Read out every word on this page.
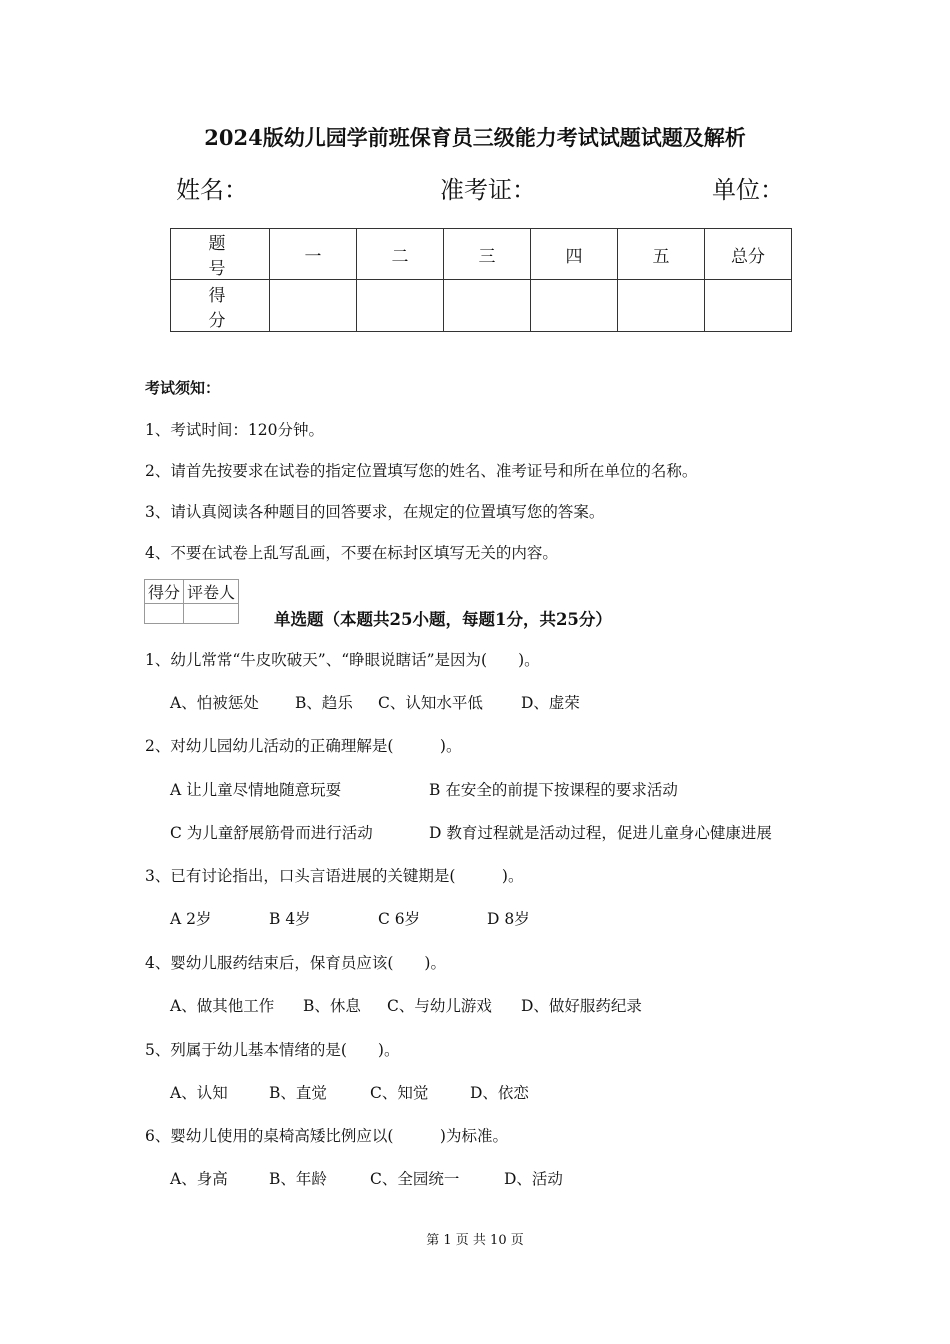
2024版幼儿园学前班保育员三级能力考试试题试题及解析
姓名：	准考证：	单位：
题 号	一	二	三	四	五	总分
得 分						
考试须知：
1、考试时间：120分钟。
2、请首先按要求在试卷的指定位置填写您的姓名、准考证号和所在单位的名称。
3、请认真阅读各种题目的回答要求，在规定的位置填写您的答案。
4、不要在试卷上乱写乱画，不要在标封区填写无关的内容。
得分	评卷人

单选题（本题共25小题，每题1分，共25分）
1、幼儿常常“牛皮吹破天”、“睁眼说瞎话”是因为(　　)。
A、怕被惩处 B、趋乐 C、认知水平低 D、虚荣
2、对幼儿园幼儿活动的正确理解是(　　　)。
A 让儿童尽情地随意玩耍	B 在安全的前提下按课程的要求活动
C 为儿童舒展筋骨而进行活动	D 教育过程就是活动过程，促进儿童身心健康进展
3、已有讨论指出，口头言语进展的关键期是(　　　)。
A 2岁	B 4岁	C 6岁	D 8岁
4、婴幼儿服药结束后，保育员应该(　　)。
A、做其他工作 B、休息 C、与幼儿游戏 D、做好服药纪录
5、列属于幼儿基本情绪的是(　　)。
A、认知	B、直觉	C、知觉	D、依恋
6、婴幼儿使用的桌椅高矮比例应以(　　　)为标准。
A、身高	B、年龄	C、全园统一	D、活动
第 1 页 共 10 页
